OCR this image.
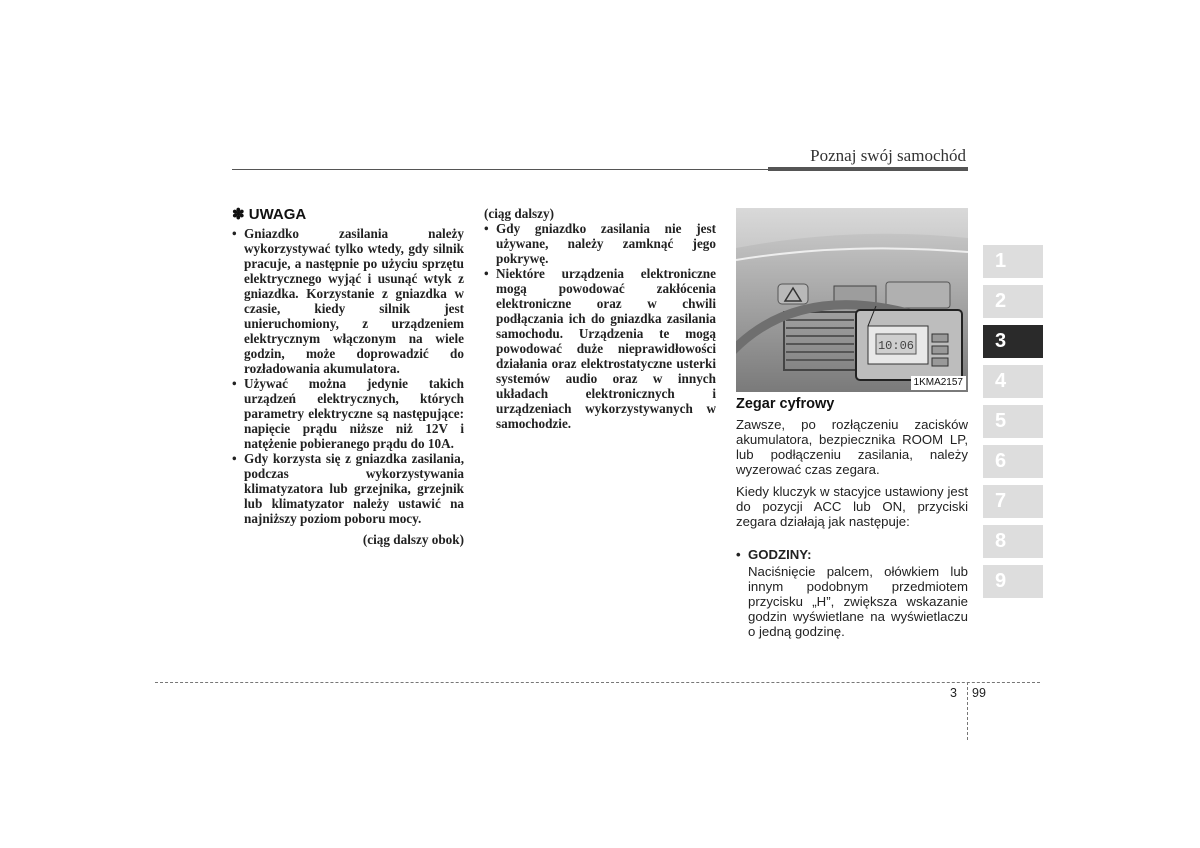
Poznaj swój samochód
✽ UWAGA
• Gniazdko zasilania należy wykorzystywać tylko wtedy, gdy silnik pracuje, a następnie po użyciu sprzętu elektrycznego wyjąć i usunąć wtyk z gniazdka. Korzystanie z gniazdka w czasie, kiedy silnik jest unieruchomiony, z urządzeniem elektrycznym włączonym na wiele godzin, może doprowadzić do rozładowania akumulatora.
• Używać można jedynie takich urządzeń elektrycznych, których parametry elektryczne są następujące: napięcie prądu niższe niż 12V i natężenie pobieranego prądu do 10A.
• Gdy korzysta się z gniazdka zasilania, podczas wykorzystywania klimatyzatora lub grzejnika, grzejnik lub klimatyzator należy ustawić na najniższy poziom poboru mocy.
(ciąg dalszy obok)
(ciąg dalszy)
• Gdy gniazdko zasilania nie jest używane, należy zamknąć jego pokrywę.
• Niektóre urządzenia elektroniczne mogą powodować zakłócenia elektroniczne oraz w chwili podłączania ich do gniazdka zasilania samochodu. Urządzenia te mogą powodować duże nieprawidłowości działania oraz elektrostatyczne usterki systemów audio oraz w innych układach elektronicznych i urządzeniach wykorzystywanych w samochodzie.
10:06
1KMA2157
Zegar cyfrowy

Zawsze, po rozłączeniu zacisków akumulatora, bezpiecznika ROOM LP, lub podłączeniu zasilania, należy wyzerować czas zegara.

Kiedy kluczyk w stacyjce ustawiony jest do pozycji ACC lub ON, przyciski zegara działają jak następuje:

• GODZINY:

Naciśnięcie palcem, ołówkiem lub innym podobnym przedmiotem przycisku „H”, zwiększa wskazanie godzin wyświetlane na wyświetlaczu o jedną godzinę.

1
2
3
4
5
6
7
8
9
3 99
